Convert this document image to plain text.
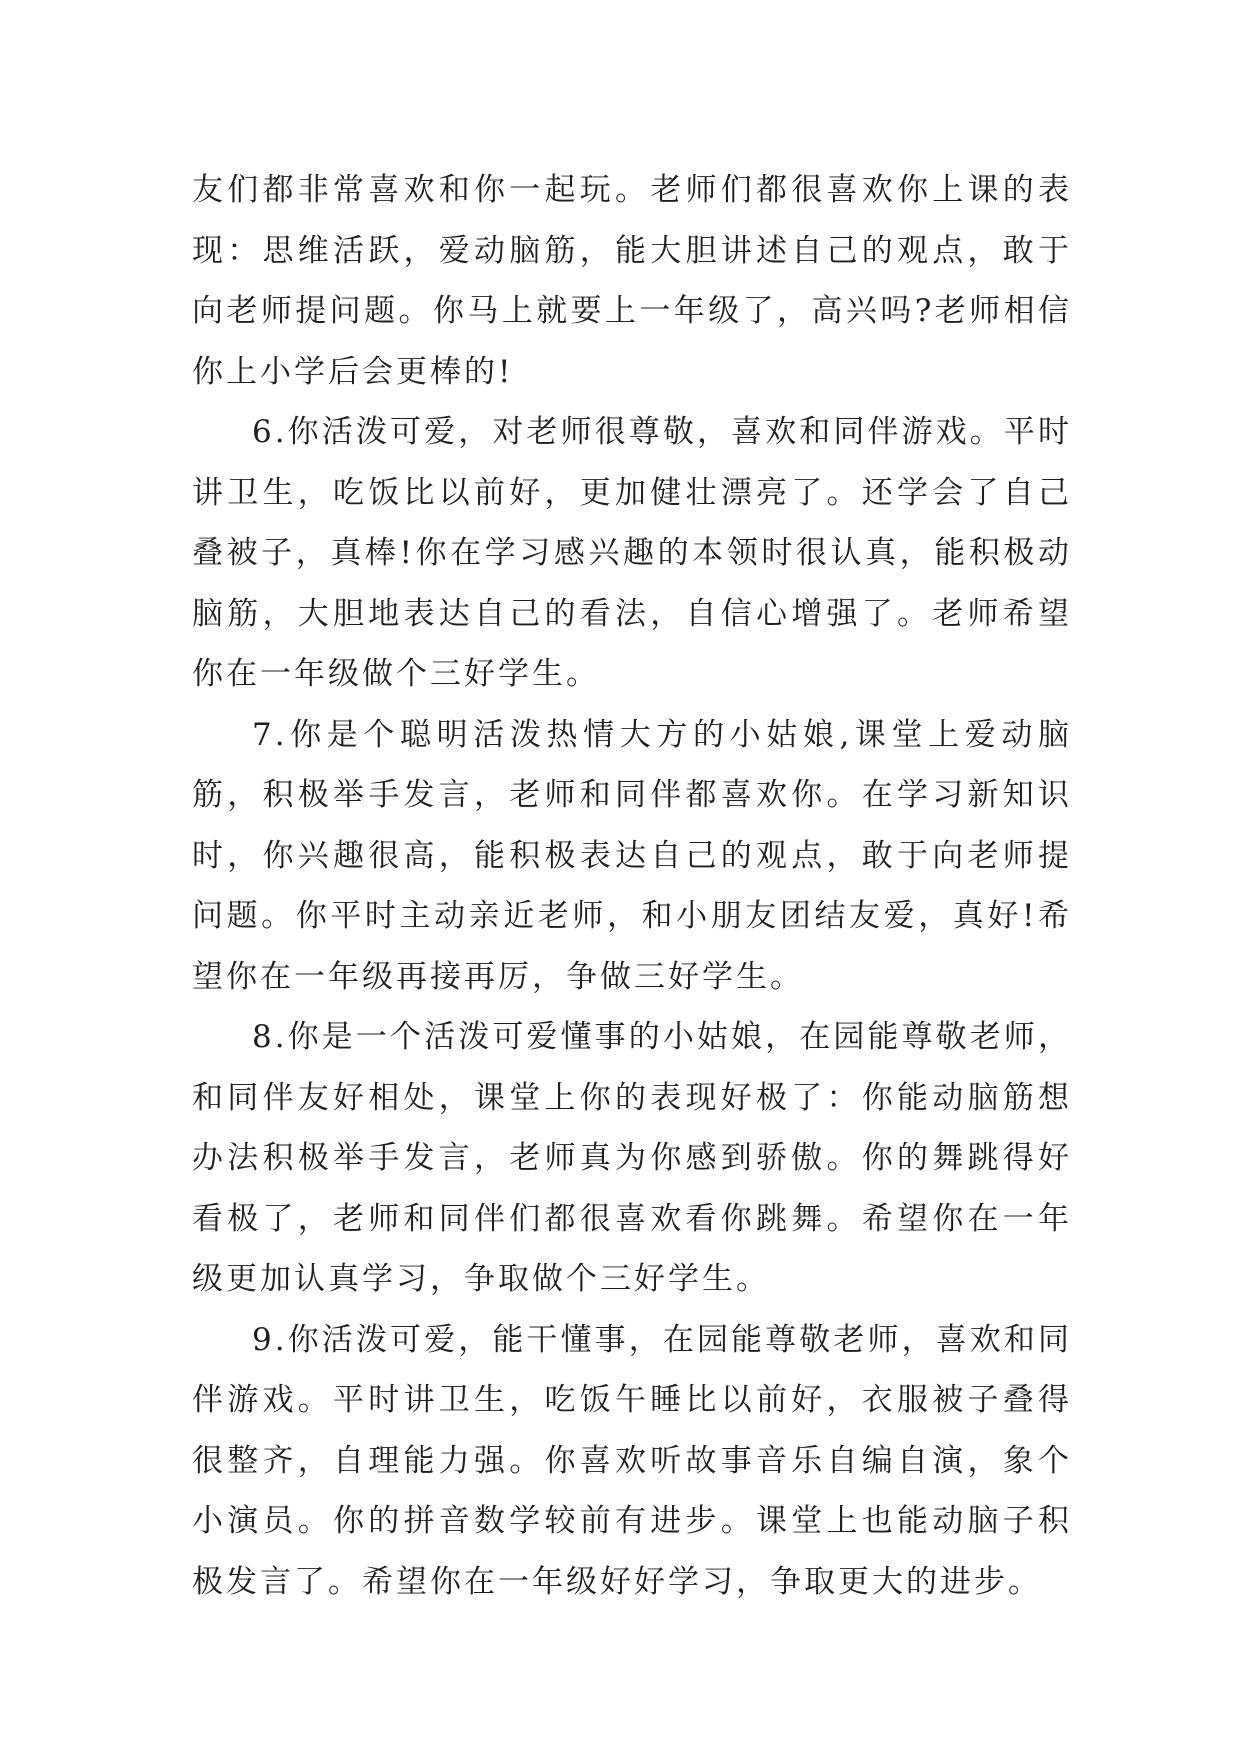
友们都非常喜欢和你一起玩。老师们都很喜欢你上课的表现：思维活跃，爱动脑筋，能大胆讲述自己的观点，敢于向老师提问题。你马上就要上一年级了，高兴吗?老师相信你上小学后会更棒的!

6.你活泼可爱，对老师很尊敬，喜欢和同伴游戏。平时讲卫生，吃饭比以前好，更加健壮漂亮了。还学会了自己叠被子，真棒!你在学习感兴趣的本领时很认真，能积极动脑筋，大胆地表达自己的看法，自信心增强了。老师希望你在一年级做个三好学生。

7.你是个聪明活泼热情大方的小姑娘,课堂上爱动脑筋，积极举手发言，老师和同伴都喜欢你。在学习新知识时，你兴趣很高，能积极表达自己的观点，敢于向老师提问题。你平时主动亲近老师，和小朋友团结友爱，真好!希望你在一年级再接再厉，争做三好学生。

8.你是一个活泼可爱懂事的小姑娘，在园能尊敬老师，和同伴友好相处，课堂上你的表现好极了：你能动脑筋想办法积极举手发言，老师真为你感到骄傲。你的舞跳得好看极了，老师和同伴们都很喜欢看你跳舞。希望你在一年级更加认真学习，争取做个三好学生。

9.你活泼可爱，能干懂事，在园能尊敬老师，喜欢和同伴游戏。平时讲卫生，吃饭午睡比以前好，衣服被子叠得很整齐，自理能力强。你喜欢听故事音乐自编自演，象个小演员。你的拼音数学较前有进步。课堂上也能动脑子积极发言了。希望你在一年级好好学习，争取更大的进步。
